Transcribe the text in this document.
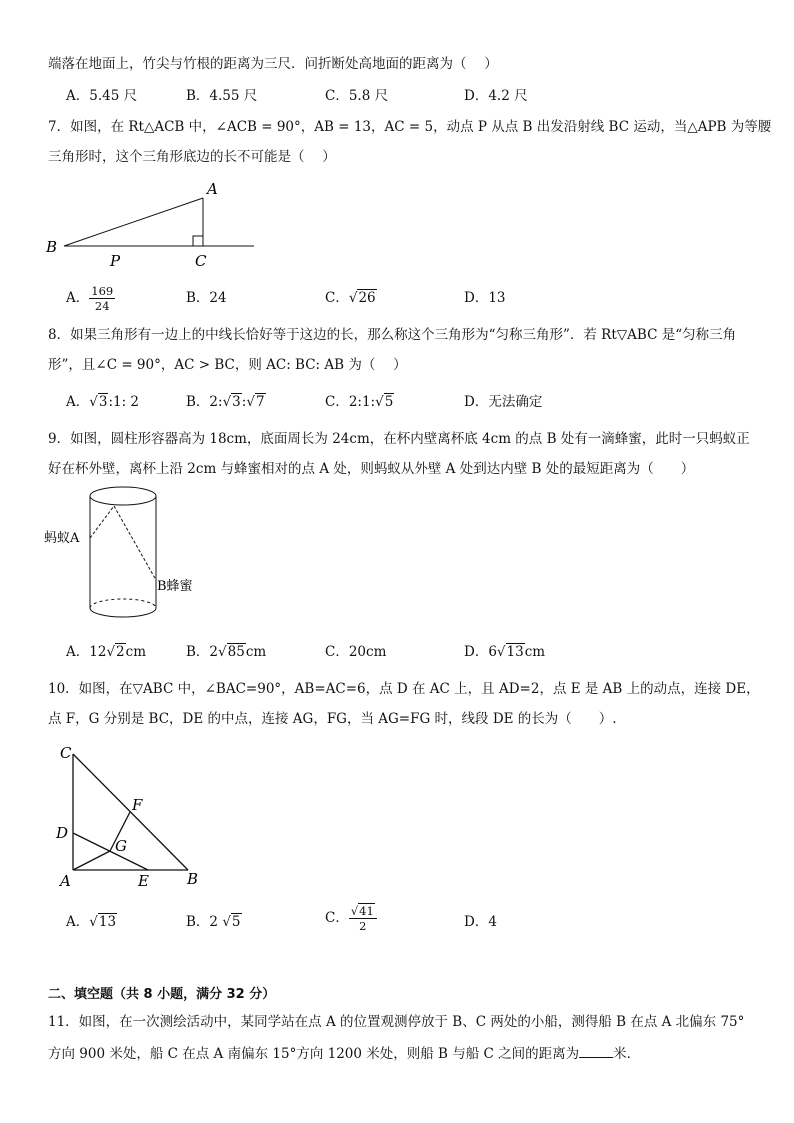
端落在地面上，竹尖与竹根的距离为三尺．问折断处高地面的距离为（　 ）
A．5.45 尺	B．4.55 尺	C．5.8 尺	D．4.2 尺
7．如图，在 Rt△ACB 中，∠ACB = 90°，AB = 13，AC = 5，动点 P 从点 B 出发沿射线 BC 运动，当△APB 为等腰
三角形时，这个三角形底边的长不可能是（　 ）
A
B
P	C
A． $\frac{169}{24}$	B．24	C．√26	D．13
8．如果三角形有一边上的中线长恰好等于这边的长，那么称这个三角形为“匀称三角形”．若 Rt▽ABC 是“匀称三角
形”，且∠C = 90°，AC > BC，则 AC: BC: AB 为（　 ）
A．√3:1: 2	B．2:√3:√7	C．2:1:√5	D．无法确定
9．如图，圆柱形容器高为 18cm，底面周长为 24cm，在杯内壁离杯底 4cm 的点 B 处有一滴蜂蜜，此时一只蚂蚁正
好在杯外壁，离杯上沿 2cm 与蜂蜜相对的点 A 处，则蚂蚁从外壁 A 处到达内壁 B 处的最短距离为（　　）
蚂蚁A
B蜂蜜
A．12√2cm	B．2√85cm	C．20cm	D．6√13cm
10．如图，在▽ABC 中，∠BAC=90°，AB=AC=6，点 D 在 AC 上，且 AD=2，点 E 是 AB 上的动点，连接 DE，
点 F，G 分别是 BC，DE 的中点，连接 AG，FG，当 AG=FG 时，线段 DE 的长为（　　）.
C
F
D
G
A	E	B
A．√13	B．2 √5	C． $\frac{√41}{2}$	D．4
二、填空题（共 8 小题，满分 32 分）
11．如图，在一次测绘活动中，某同学站在点 A 的位置观测停放于 B、C 两处的小船，测得船 B 在点 A 北偏东 75°
方向 900 米处，船 C 在点 A 南偏东 15°方向 1200 米处，则船 B 与船 C 之间的距离为	米．
